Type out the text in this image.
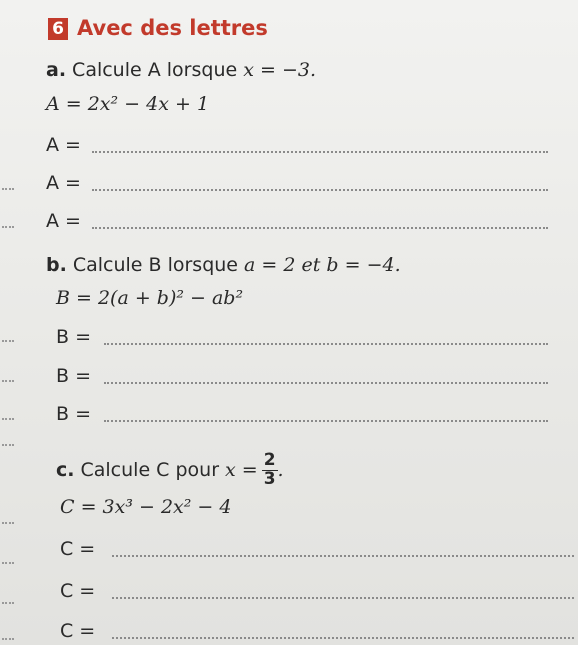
6 Avec des lettres
a. Calcule A lorsque x = −3.
A = 2x² − 4x + 1
A =
A =
A =
b. Calcule B lorsque a = 2 et b = −4.
B = 2(a + b)² − ab²
B =
B =
B =
c. Calcule C pour $x = \frac{2}{3}$ .
C = 3x³ − 2x² − 4
C =
C =
C =
